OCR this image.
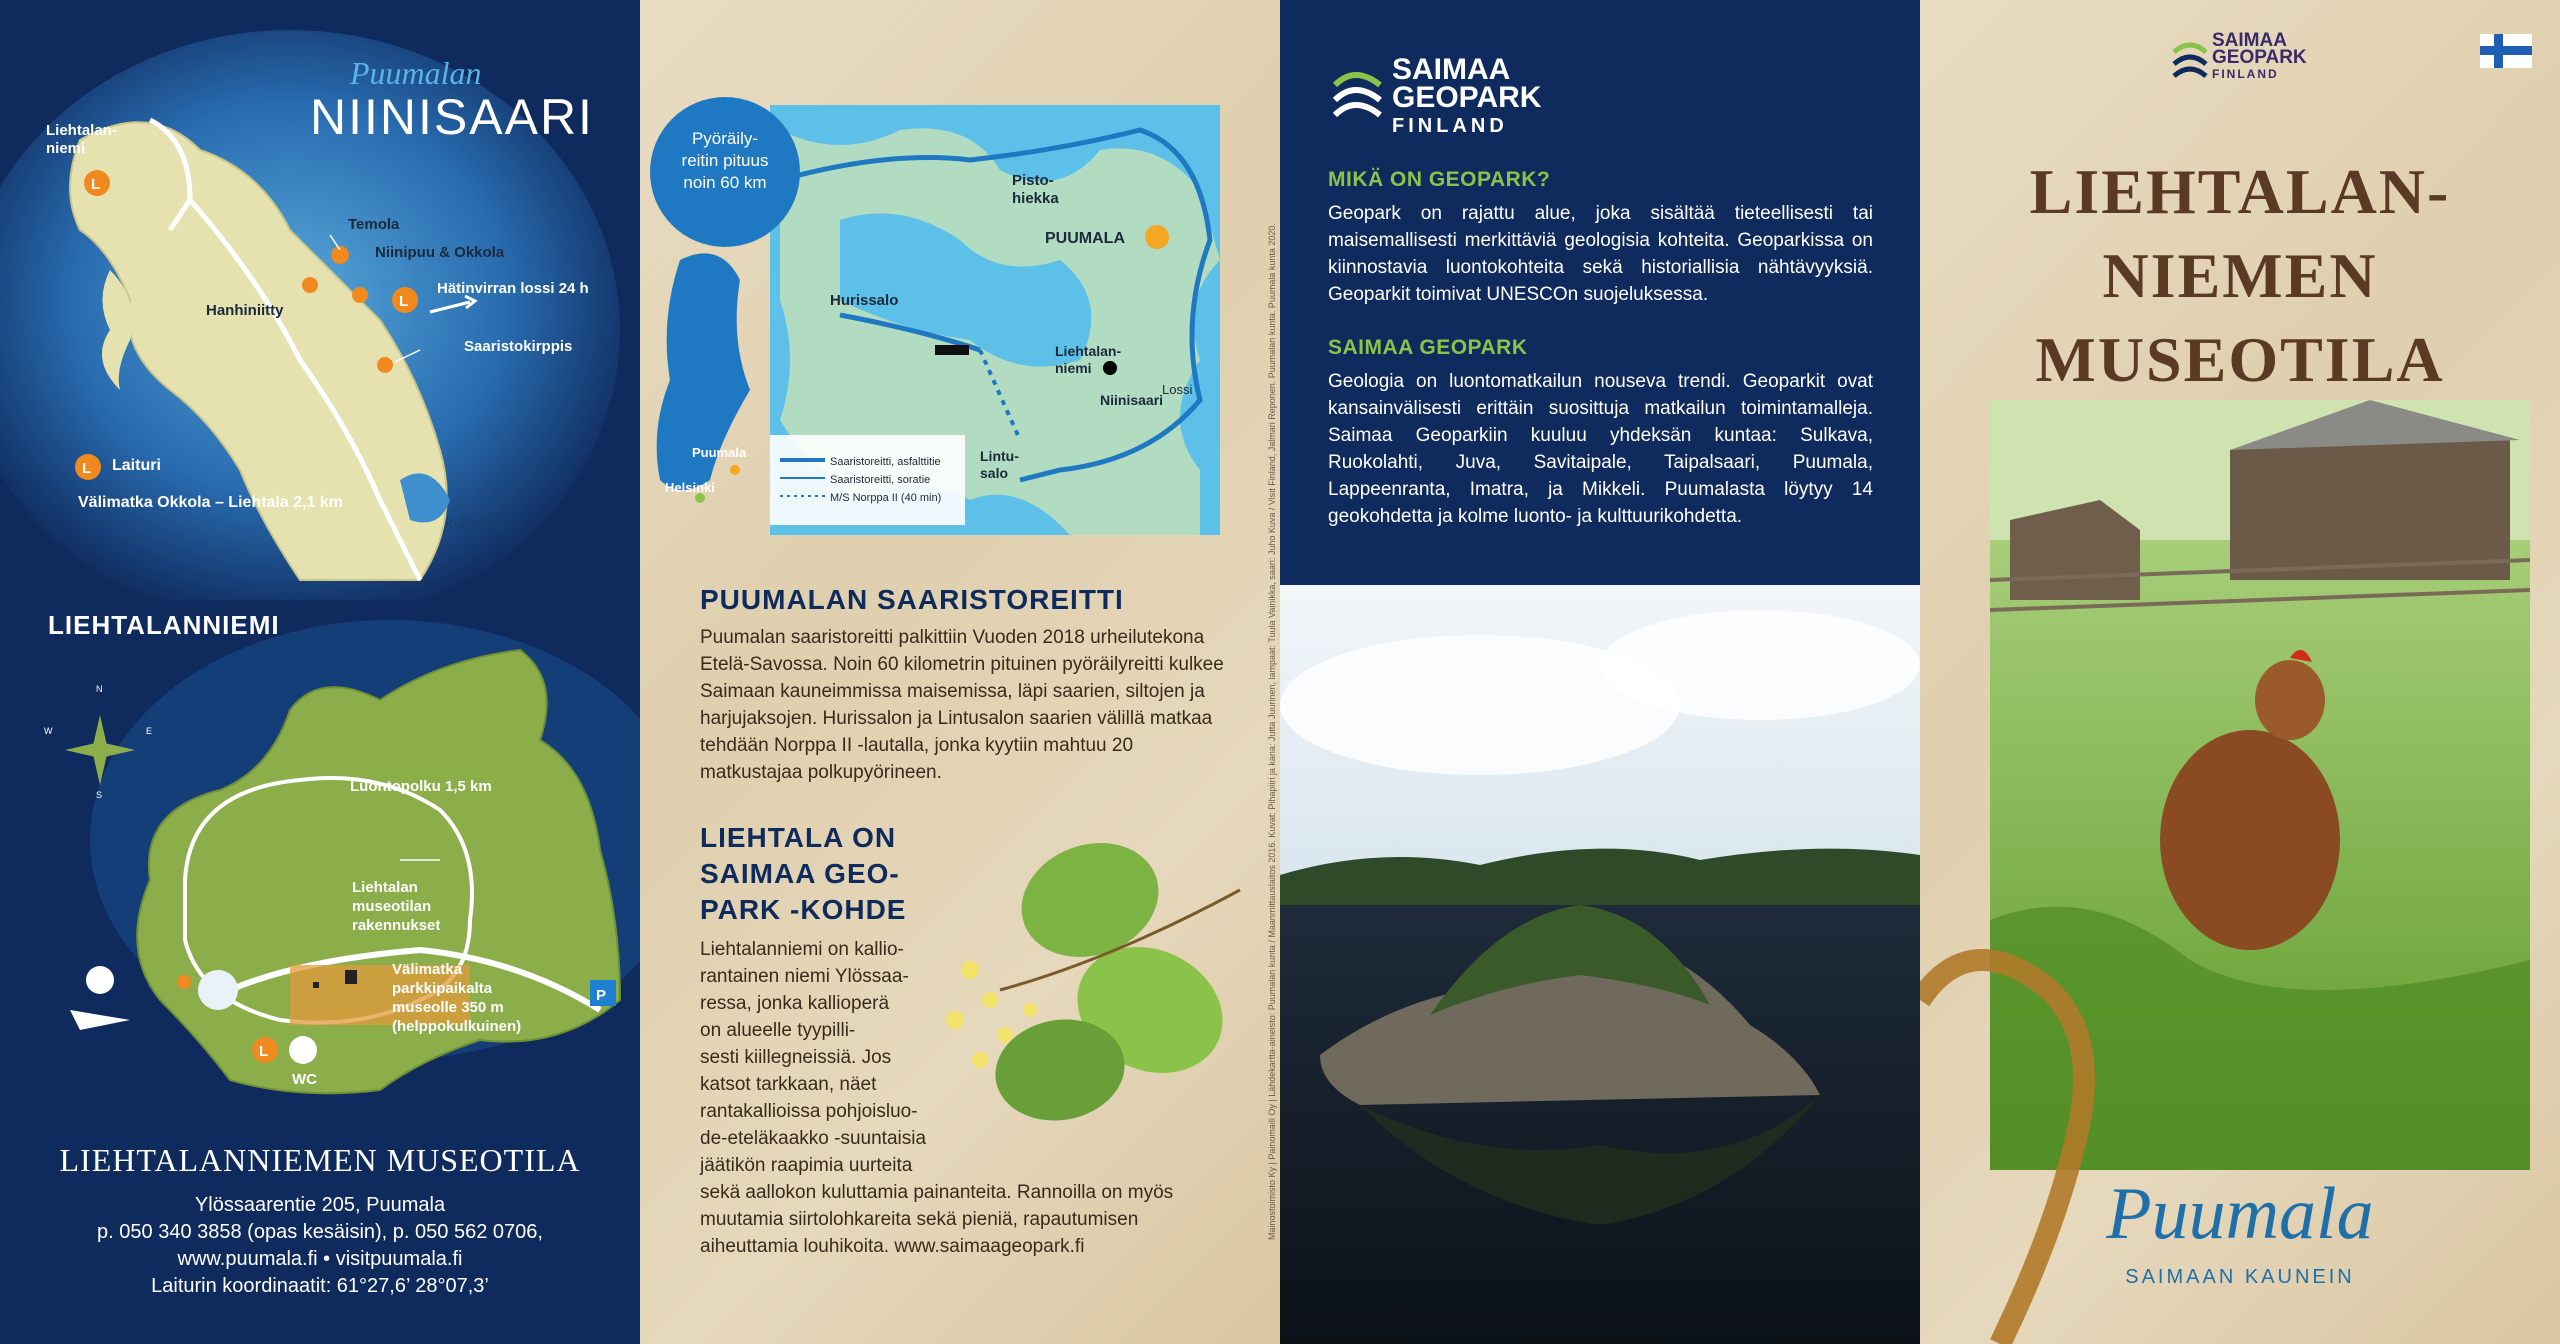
L
L
L
Puumalan
NIINISAARI
Liehtalan-
niemi
Temola
Niinipuu & Okkola
Hätinvirran lossi 24 h
Hanhiniitty
Saaristokirppis
Laituri
Välimatka Okkola – Liehtala 2,1 km
Kukkolampi
LIEHTALANNIEMI
P
L
WC
N
S
W	E
Luontopolku 1,5 km
Liehtalan
museotilan
rakennukset
Välimatka
parkkipaikalta
museolle 350 m
(helppokulkuinen)
LIEHTALANNIEMEN MUSEOTILA
Ylössaarentie 205, Puumala
p. 050 340 3858 (opas kesäisin), p. 050 562 0706,
www.puumala.fi • visitpuumala.fi
Laiturin koordinaatit: 61°27,6’ 28°07,3’
Pyöräily-
reitin pituus
noin 60 km	Pisto-
hiekka
PUUMALA
Hurissalo
Liehtalan-
niemi
Niinisaari
Lossi
Lintu-
salo
Puumala
Helsinki
Saaristoreitti, asfalttitie
Saaristoreitti, soratie
M/S Norppa II (40 min)
PUUMALAN SAARISTOREITTI
Puumalan saaristoreitti palkittiin Vuoden 2018 urheilutekona Etelä-Savossa. Noin 60 kilometrin pituinen pyöräilyreitti kulkee Saimaan kauneimmissa maisemissa, läpi saarien, siltojen ja harjujaksojen. Hurissalon ja Lintusalon saarien välillä matkaa tehdään Norppa II -lautalla, jonka kyytiin mahtuu 20 matkustajaa polkupyörineen.
LIEHTALA ON
SAIMAA GEO-
PARK -KOHDE
Liehtalanniemi on kallio-
rantainen niemi Ylössaa-
ressa, jonka kallioperä
on alueelle tyypilli-
sesti kiillegneissiä. Jos
katsot tarkkaan, näet
rantakallioissa pohjoisluo-
de-eteläkaakko -suuntaisia
jäätikön raapimia uurteita
sekä aallokon kuluttamia painanteita. Rannoilla on myös
muutamia siirtolohkareita sekä pieniä, rapautumisen
aiheuttamia louhikoita. www.saimaageopark.fi
Mainostoimisto Ky | Painomaili Oy | Lähdekartta-aineisto: Puumalan kunta / Maanmittauslaitos 2016. Kuvat: Pihapiiri ja kana: Jutta Juurinen, lampaat: Tuula Vainikka, saari: Juho Kuva / Visit Finland, Jalmari Reponen. Puumalan kunta. Puumala kunta 2020.
SAIMAA
GEOPARK
FINLAND
MIKÄ ON GEOPARK?
Geopark on rajattu alue, joka sisältää tieteellisesti tai maisemallisesti merkittäviä geologisia kohteita. Geoparkissa on kiinnostavia luontokohteita sekä historiallisia nähtävyyksiä. Geoparkit toimivat UNESCOn suojeluksessa.
SAIMAA GEOPARK
Geologia on luontomatkailun nouseva trendi. Geoparkit ovat kansainvälisesti erittäin suosittuja matkailun toimintamalleja. Saimaa Geoparkiin kuuluu yhdeksän kuntaa: Sulkava, Ruokolahti, Juva, Savitaipale, Taipalsaari, Puumala, Lappeenranta, Imatra, ja Mikkeli. Puumalasta löytyy 14 geokohdetta ja kolme luonto- ja kulttuurikohdetta.
SAIMAA
GEOPARK
FINLAND
LIEHTALAN-
NIEMEN
MUSEOTILA
Puumala
SAIMAAN KAUNEIN
